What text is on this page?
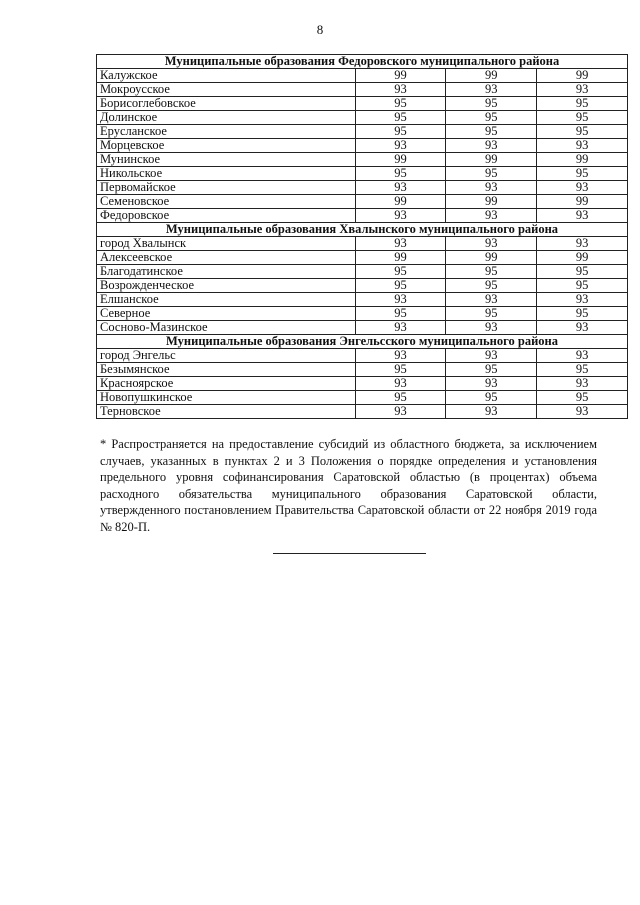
8
Муниципальные образования Федоровского муниципального района			
Калужское	99	99	99
Мокроусское	93	93	93
Борисоглебовское	95	95	95
Долинское	95	95	95
Ерусланское	95	95	95
Морцевское	93	93	93
Мунинское	99	99	99
Никольское	95	95	95
Первомайское	93	93	93
Семеновское	99	99	99
Федоровское	93	93	93
Муниципальные образования Хвалынского муниципального района			
город Хвалынск	93	93	93
Алексеевское	99	99	99
Благодатинское	95	95	95
Возрожденческое	95	95	95
Елшанское	93	93	93
Северное	95	95	95
Сосново-Мазинское	93	93	93
Муниципальные образования Энгельсского муниципального района			
город Энгельс	93	93	93
Безымянское	95	95	95
Красноярское	93	93	93
Новопушкинское	95	95	95
Терновское	93	93	93
* Распространяется на предоставление субсидий из областного бюджета, за исключением случаев, указанных в пунктах 2 и 3 Положения о порядке определения и установления предельного уровня софинансирования Саратовской областью (в процентах) объема расходного обязательства муниципального образования Саратовской области, утвержденного постановлением Правительства Саратовской области от 22 ноября 2019 года № 820-П.
